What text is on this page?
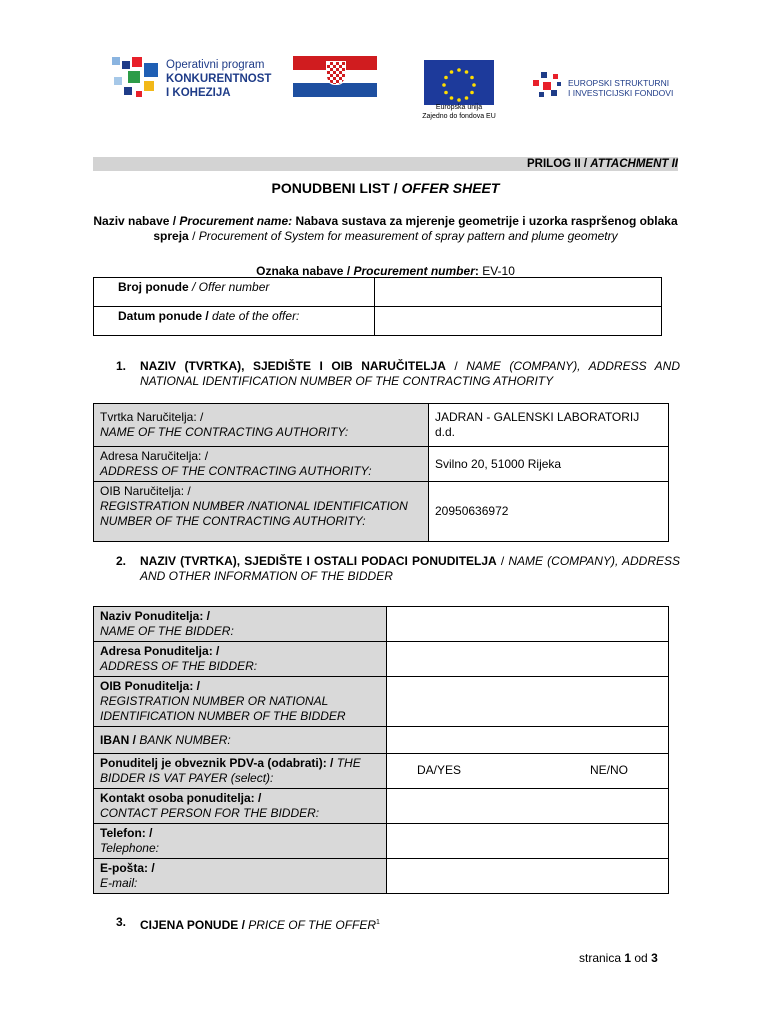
Operativni program
KONKURENTNOST
I KOHEZIJA
Europska unija
Zajedno do fondova EU
EUROPSKI STRUKTURNI
I INVESTICIJSKI FONDOVI
PRILOG II / ATTACHMENT II
PONUDBENI LIST / OFFER SHEET
Naziv nabave / Procurement name: Nabava sustava za mjerenje geometrije i uzorka raspršenog oblaka spreja / Procurement of System for measurement of spray pattern and plume geometry
Oznaka nabave / Procurement number: EV-10
Broj ponude / Offer number	
Datum ponude / date of the offer:	
1. NAZIV (TVRTKA), SJEDIŠTE I OIB NARUČITELJA / NAME (COMPANY), ADDRESS AND NATIONAL IDENTIFICATION NUMBER OF THE CONTRACTING ATHORITY
Tvrtka Naručitelja: /
NAME OF THE CONTRACTING AUTHORITY:	JADRAN - GALENSKI LABORATORIJ d.d.

Adresa Naručitelja: /
ADDRESS OF THE CONTRACTING AUTHORITY:	Svilno 20, 51000 Rijeka

OIB Naručitelja: /
REGISTRATION NUMBER /NATIONAL IDENTIFICATION NUMBER OF THE CONTRACTING AUTHORITY:	20950636972
2. NAZIV (TVRTKA), SJEDIŠTE I OSTALI PODACI PONUDITELJA / NAME (COMPANY), ADDRESS AND OTHER INFORMATION OF THE BIDDER
Naziv Ponuditelja: /
NAME OF THE BIDDER:	

Adresa Ponuditelja: /
ADDRESS OF THE BIDDER:	

OIB Ponuditelja: /
REGISTRATION NUMBER OR NATIONAL IDENTIFICATION NUMBER OF THE BIDDER	

IBAN / BANK NUMBER:	
Ponuditelj je obveznik PDV-a (odabrati): / THE BIDDER IS VAT PAYER (select):	DA/YES NE/NO

Kontakt osoba ponuditelja: /
CONTACT PERSON FOR THE BIDDER:	

Telefon: /
Telephone:	

E-pošta: /
E-mail:	

3. CIJENA PONUDE / PRICE OF THE OFFER$^1$
stranica 1 od 3
